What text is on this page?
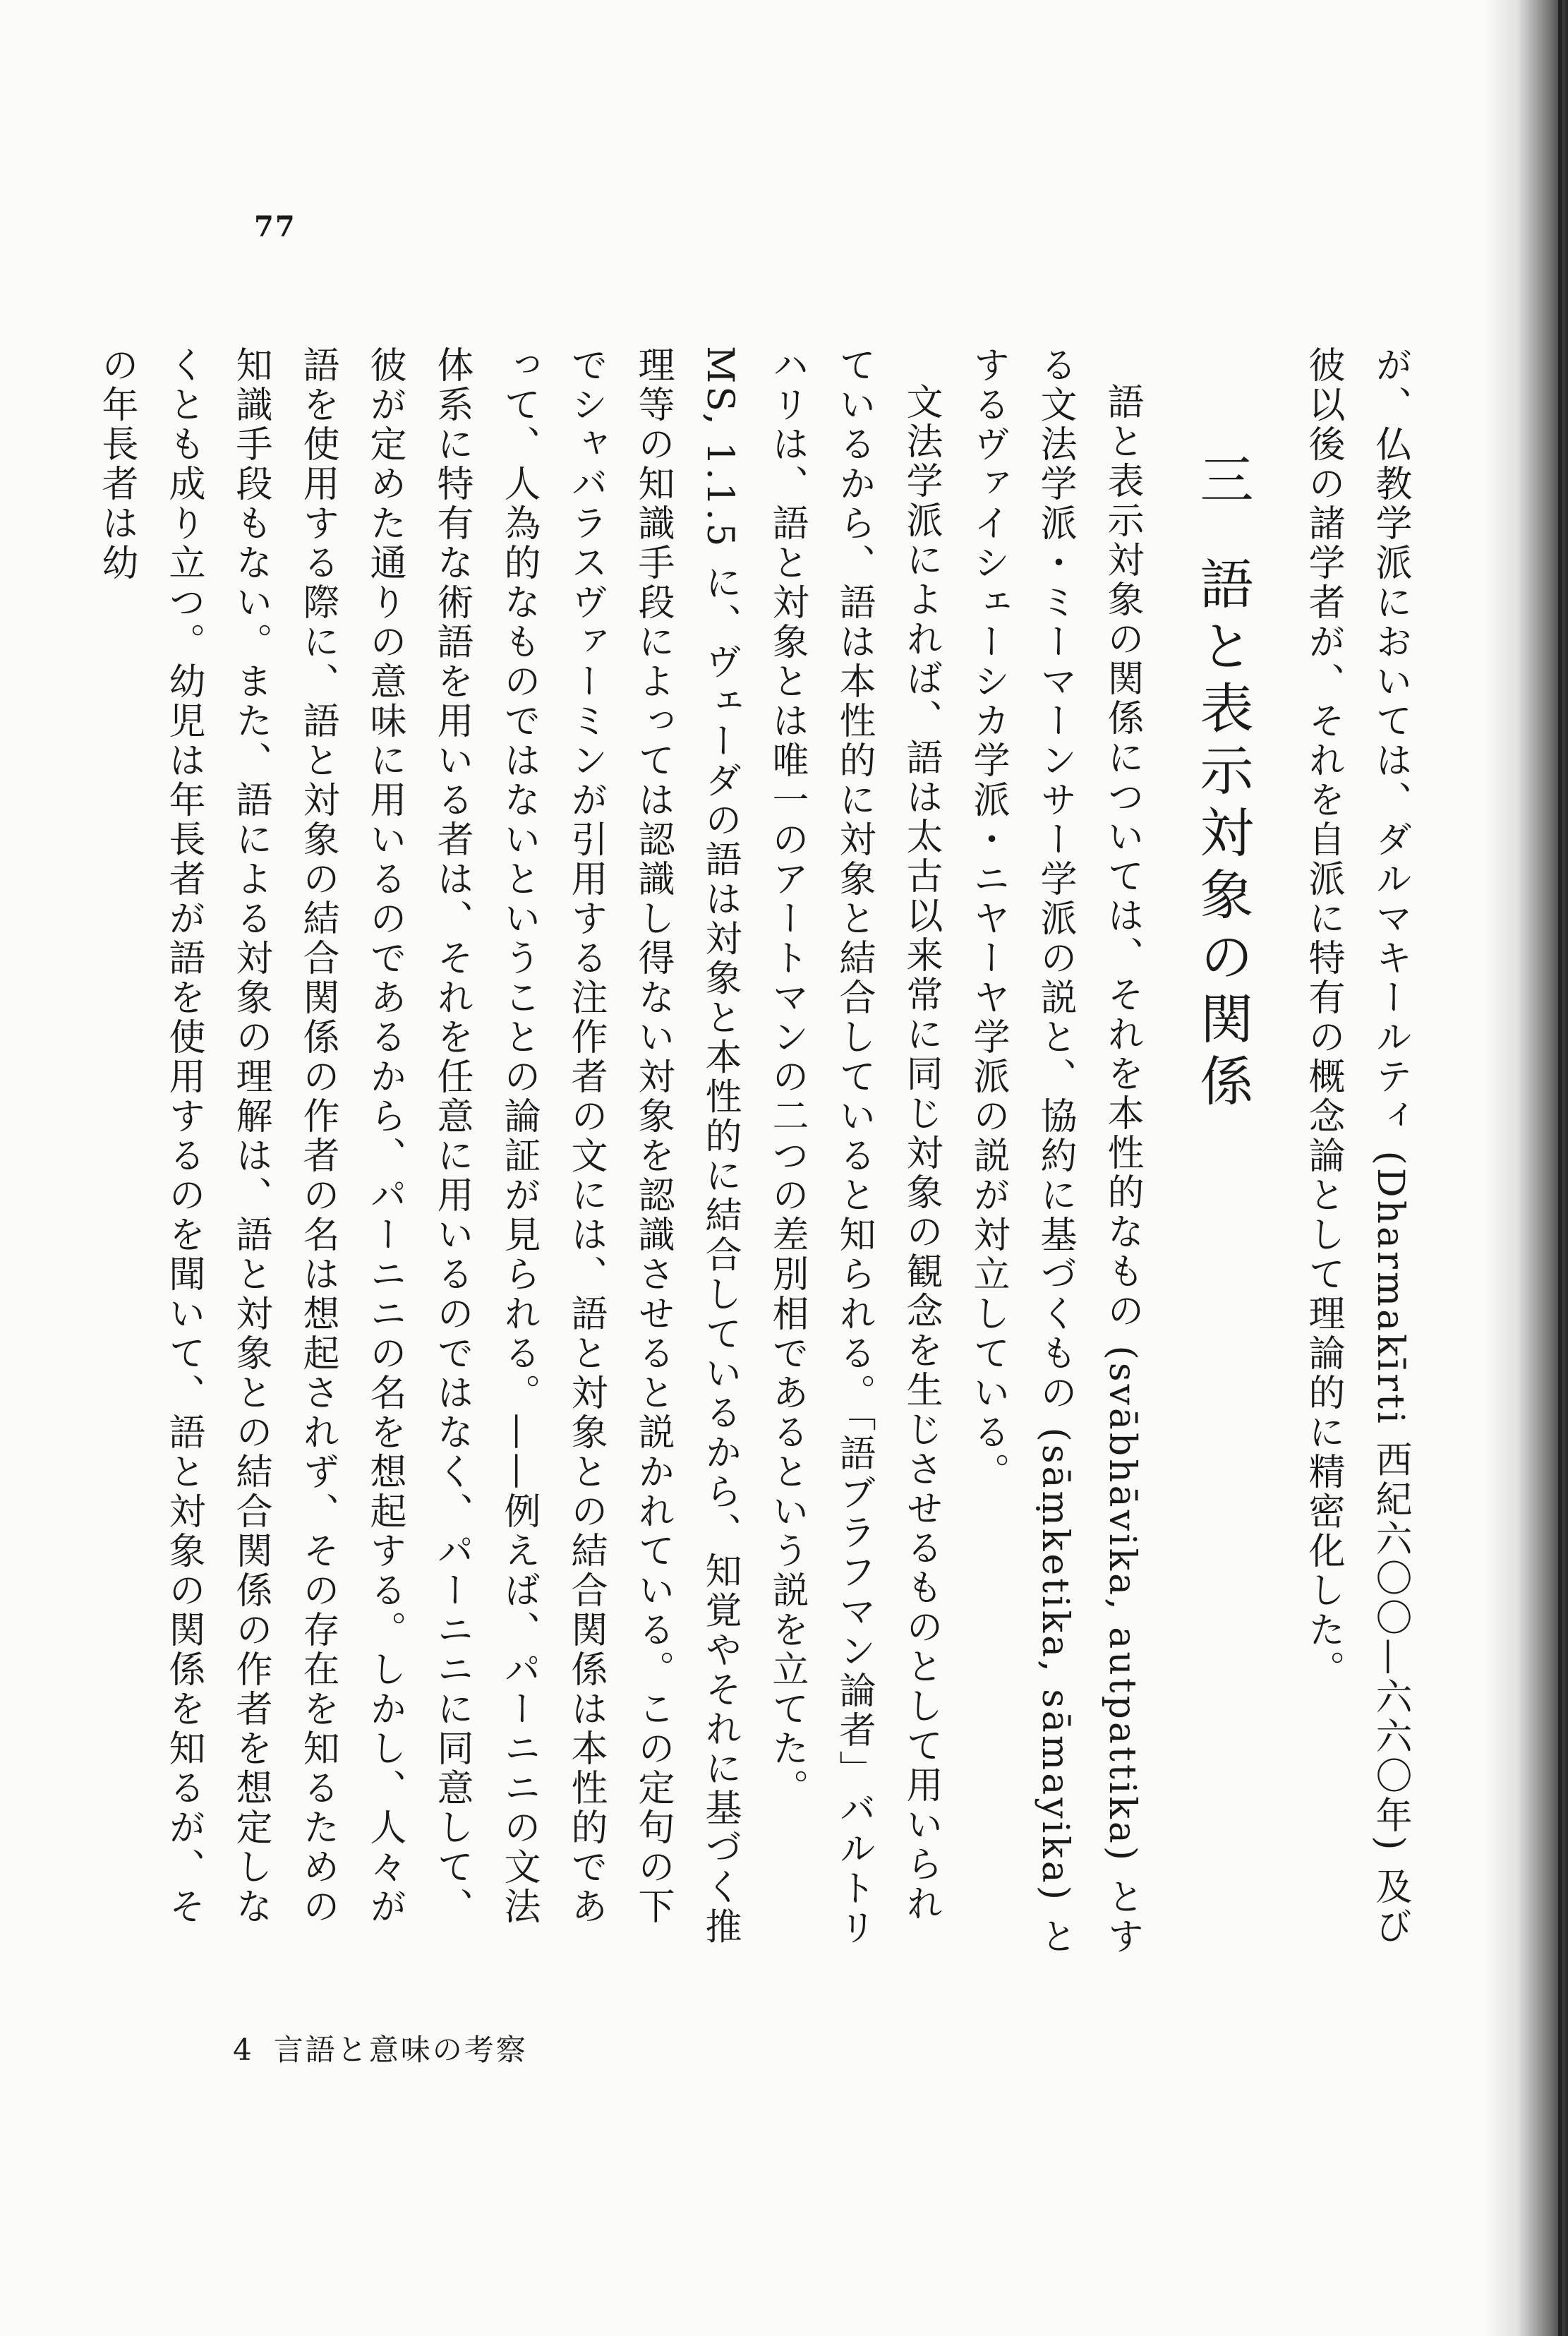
77

が、仏教学派においては、ダルマキールティ (Dharmakīrti 西紀六〇〇—六六〇年) 及び彼以後の諸学者が、それを自派に特有の概念論として理論的に精密化した。

三語と表示対象の関係

語と表示対象の関係については、それを本性的なもの (svābhāvika, autpattika) とする文法学派・ミーマーンサー学派の説と、協約に基づくもの (sāṃketika, sāmayika) とするヴァイシェーシカ学派・ニヤーヤ学派の説が対立している。

文法学派によれば、語は太古以来常に同じ対象の観念を生じさせるものとして用いられているから、語は本性的に対象と結合していると知られる。「語ブラフマン論者」バルトリハリは、語と対象とは唯一のアートマンの二つの差別相であるという説を立てた。

MS, 1.1.5 に、ヴェーダの語は対象と本性的に結合しているから、知覚やそれに基づく推理等の知識手段によっては認識し得ない対象を認識させると説かれている。この定句の下でシャバラスヴァーミンが引用する注作者の文には、語と対象との結合関係は本性的であって、人為的なものではないということの論証が見られる。——例えば、パーニニの文法体系に特有な術語を用いる者は、それを任意に用いるのではなく、パーニニに同意して、彼が定めた通りの意味に用いるのであるから、パーニニの名を想起する。しかし、人々が語を使用する際に、語と対象の結合関係の作者の名は想起されず、その存在を知るための知識手段もない。また、語による対象の理解は、語と対象との結合関係の作者を想定しなくとも成り立つ。幼児は年長者が語を使用するのを聞いて、語と対象の関係を知るが、その年長者は幼

4 言語と意味の考察
